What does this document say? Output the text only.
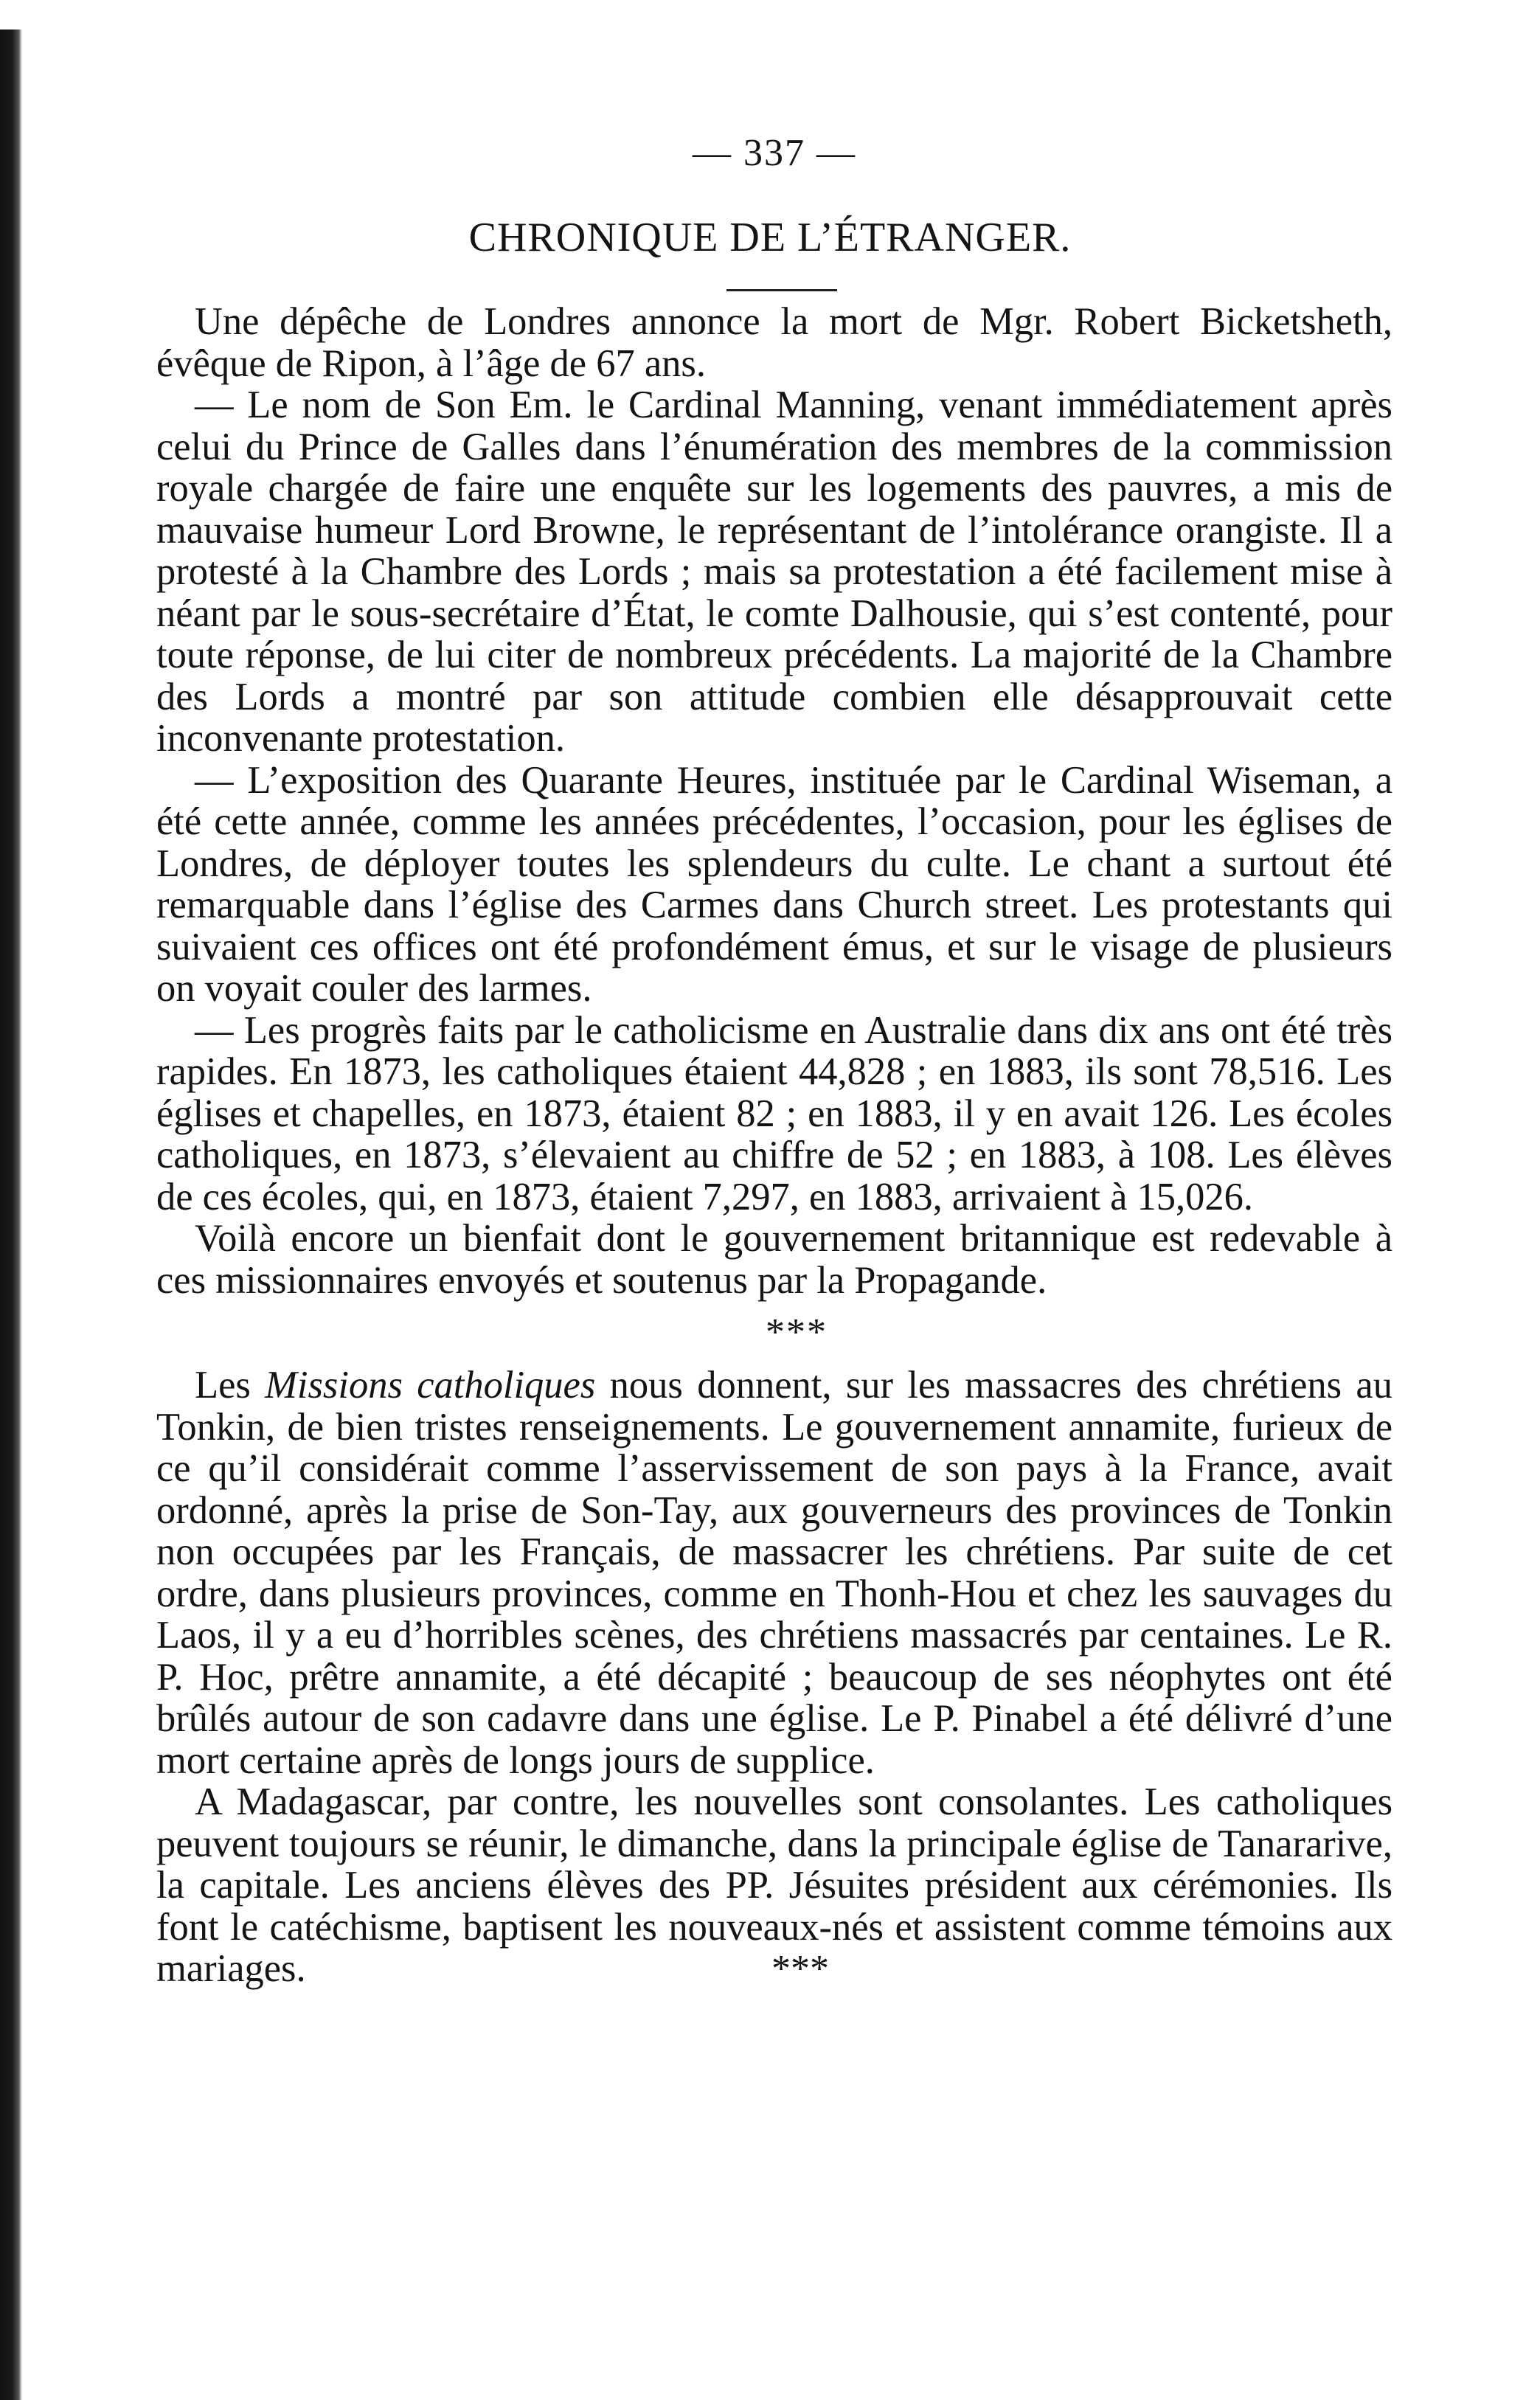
— 337 —
CHRONIQUE DE L’ÉTRANGER.

Une dépêche de Londres annonce la mort de Mgr. Robert Bicketsheth, évêque de Ripon, à l’âge de 67 ans.

— Le nom de Son Em. le Cardinal Manning, venant immédiatement après celui du Prince de Galles dans l’énumération des membres de la commission royale chargée de faire une enquête sur les logements des pauvres, a mis de mauvaise humeur Lord Browne, le représentant de l’intolérance orangiste. Il a protesté à la Chambre des Lords ; mais sa protestation a été facilement mise à néant par le sous-secrétaire d’État, le comte Dalhousie, qui s’est contenté, pour toute réponse, de lui citer de nombreux précédents. La majorité de la Chambre des Lords a montré par son attitude combien elle désapprouvait cette inconvenante protestation.

— L’exposition des Quarante Heures, instituée par le Cardinal Wiseman, a été cette année, comme les années précédentes, l’occasion, pour les églises de Londres, de déployer toutes les splendeurs du culte. Le chant a surtout été remarquable dans l’église des Carmes dans Church street. Les protestants qui suivaient ces offices ont été profondément émus, et sur le visage de plusieurs on voyait couler des larmes.

— Les progrès faits par le catholicisme en Australie dans dix ans ont été très rapides. En 1873, les catholiques étaient 44,828 ; en 1883, ils sont 78,516. Les églises et chapelles, en 1873, étaient 82 ; en 1883, il y en avait 126. Les écoles catholiques, en 1873, s’élevaient au chiffre de 52 ; en 1883, à 108. Les élèves de ces écoles, qui, en 1873, étaient 7,297, en 1883, arrivaient à 15,026.

Voilà encore un bienfait dont le gouvernement britannique est redevable à ces missionnaires envoyés et soutenus par la Propagande.

***

Les Missions catholiques nous donnent, sur les massacres des chrétiens au Tonkin, de bien tristes renseignements. Le gouvernement annamite, furieux de ce qu’il considérait comme l’asservissement de son pays à la France, avait ordonné, après la prise de Son-Tay, aux gouverneurs des provinces de Tonkin non occupées par les Français, de massacrer les chrétiens. Par suite de cet ordre, dans plusieurs provinces, comme en Thonh-Hou et chez les sauvages du Laos, il y a eu d’horribles scènes, des chrétiens massacrés par centaines. Le R. P. Hoc, prêtre annamite, a été décapité ; beaucoup de ses néophytes ont été brûlés autour de son cadavre dans une église. Le P. Pinabel a été délivré d’une mort certaine après de longs jours de supplice.

A Madagascar, par contre, les nouvelles sont consolantes. Les catholiques peuvent toujours se réunir, le dimanche, dans la principale église de Tanararive, la capitale. Les anciens élèves des PP. Jésuites président aux cérémonies. Ils font le catéchisme, baptisent les nouveaux-nés et assistent comme témoins aux mariages.	***
